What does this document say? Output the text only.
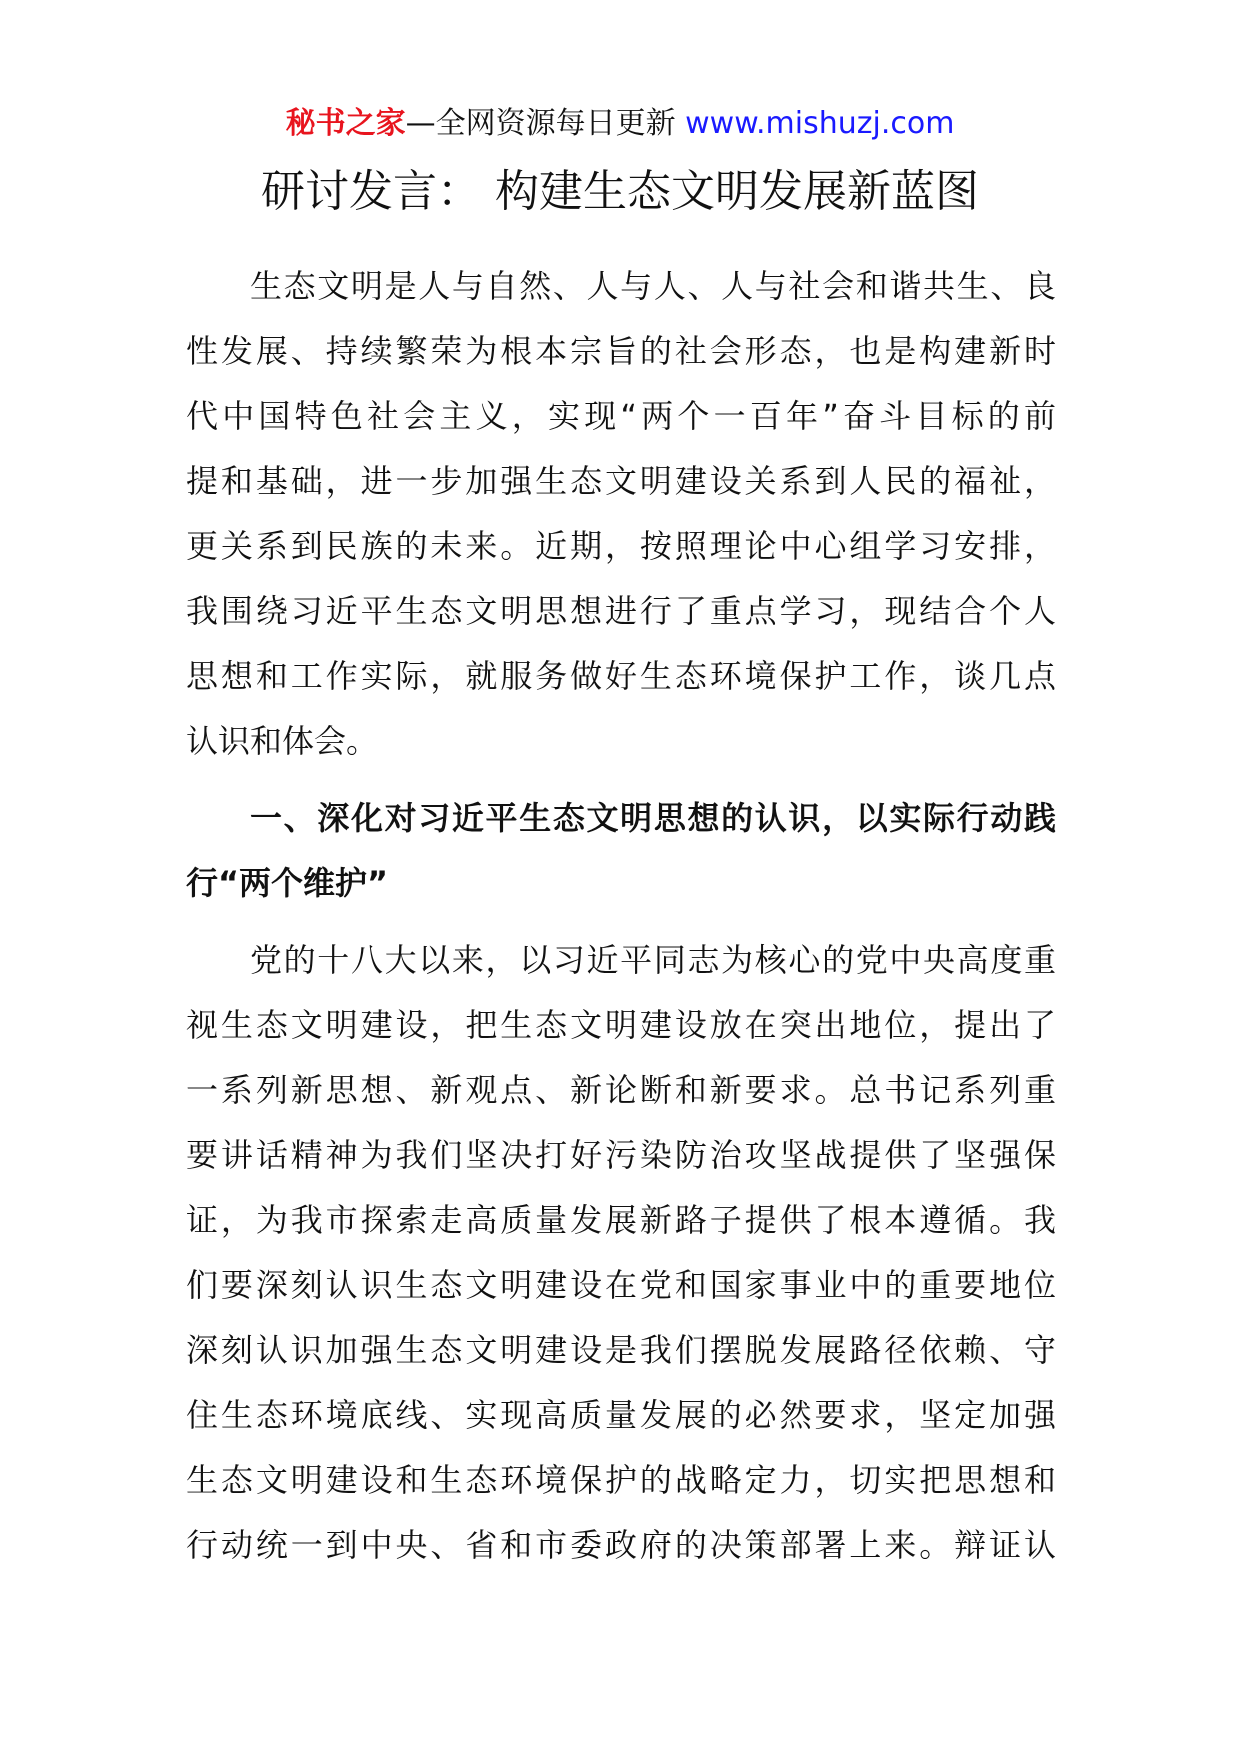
秘书之家—全网资源每日更新 www.mishuzj.com
研讨发言： 构建生态文明发展新蓝图
生态文明是人与自然、人与人、人与社会和谐共生、良
性发展、持续繁荣为根本宗旨的社会形态，也是构建新时
代中国特色社会主义，实现“两个一百年”奋斗目标的前
提和基础，进一步加强生态文明建设关系到人民的福祉，
更关系到民族的未来。近期，按照理论中心组学习安排，
我围绕习近平生态文明思想进行了重点学习，现结合个人
思想和工作实际，就服务做好生态环境保护工作，谈几点
认识和体会。
一、深化对习近平生态文明思想的认识，以实际行动践
行“两个维护”
党的十八大以来，以习近平同志为核心的党中央高度重
视生态文明建设，把生态文明建设放在突出地位，提出了
一系列新思想、新观点、新论断和新要求。总书记系列重
要讲话精神为我们坚决打好污染防治攻坚战提供了坚强保
证，为我市探索走高质量发展新路子提供了根本遵循。我
们要深刻认识生态文明建设在党和国家事业中的重要地位
深刻认识加强生态文明建设是我们摆脱发展路径依赖、守
住生态环境底线、实现高质量发展的必然要求，坚定加强
生态文明建设和生态环境保护的战略定力，切实把思想和
行动统一到中央、省和市委政府的决策部署上来。辩证认
